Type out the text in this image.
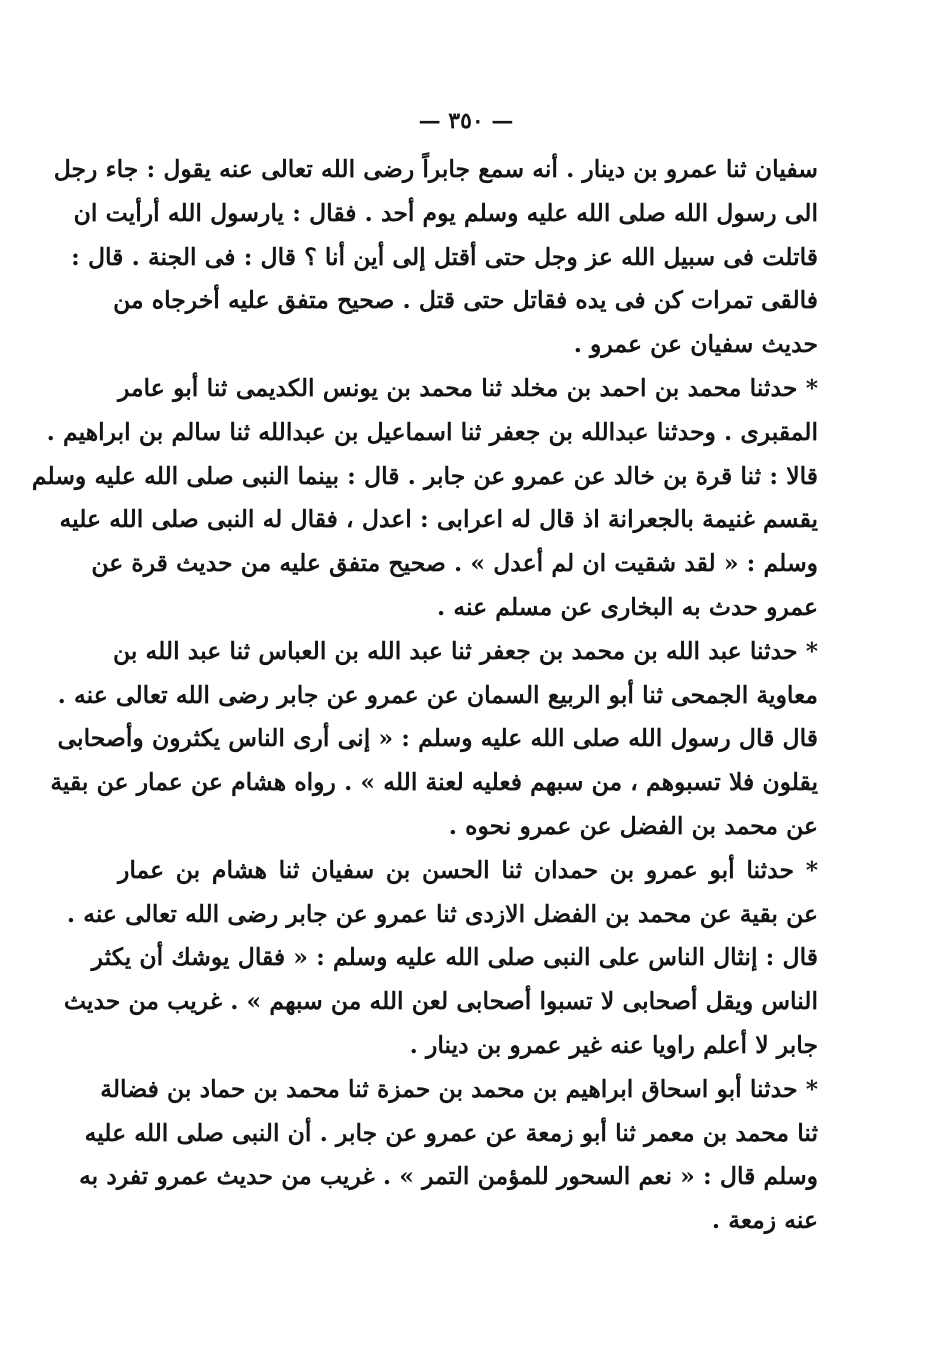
— ٣٥٠ —
سفيان ثنا عمرو بن دينار . أنه سمع جابراً رضى الله تعالى عنه يقول : جاء رجل
الى رسول الله صلى الله عليه وسلم يوم أحد . فقال : يارسول الله أرأيت ان
قاتلت فى سبيل الله عز وجل حتى أقتل إلى أين أنا ؟ قال : فى الجنة . قال :
فالقى تمرات كن فى يده فقاتل حتى قتل . صحيح متفق عليه أخرجاه من
حديث سفيان عن عمرو .
* حدثنا محمد بن احمد بن مخلد ثنا محمد بن يونس الكديمى ثنا أبو عامر
المقبرى . وحدثنا عبدالله بن جعفر ثنا اسماعيل بن عبدالله ثنا سالم بن ابراهيم .
قالا : ثنا قرة بن خالد عن عمرو عن جابر . قال : بينما النبى صلى الله عليه وسلم
يقسم غنيمة بالجعرانة اذ قال له اعرابى : اعدل ، فقال له النبى صلى الله عليه
وسلم : « لقد شقيت ان لم أعدل » . صحيح متفق عليه من حديث قرة عن
عمرو حدث به البخارى عن مسلم عنه .
* حدثنا عبد الله بن محمد بن جعفر ثنا عبد الله بن العباس ثنا عبد الله بن
معاوية الجمحى ثنا أبو الربيع السمان عن عمرو عن جابر رضى الله تعالى عنه .
قال قال رسول الله صلى الله عليه وسلم : « إنى أرى الناس يكثرون وأصحابى
يقلون فلا تسبوهم ، من سبهم فعليه لعنة الله » . رواه هشام عن عمار عن بقية
عن محمد بن الفضل عن عمرو نحوه .
* حدثنا أبو عمرو بن حمدان ثنا الحسن بن سفيان ثنا هشام بن عمار
عن بقية عن محمد بن الفضل الازدى ثنا عمرو عن جابر رضى الله تعالى عنه .
قال : إنثال الناس على النبى صلى الله عليه وسلم : « فقال يوشك أن يكثر
الناس ويقل أصحابى لا تسبوا أصحابى لعن الله من سبهم » . غريب من حديث
جابر لا أعلم راويا عنه غير عمرو بن دينار .
* حدثنا أبو اسحاق ابراهيم بن محمد بن حمزة ثنا محمد بن حماد بن فضالة
ثنا محمد بن معمر ثنا أبو زمعة عن عمرو عن جابر . أن النبى صلى الله عليه
وسلم قال : « نعم السحور للمؤمن التمر » . غريب من حديث عمرو تفرد به
عنه زمعة .
